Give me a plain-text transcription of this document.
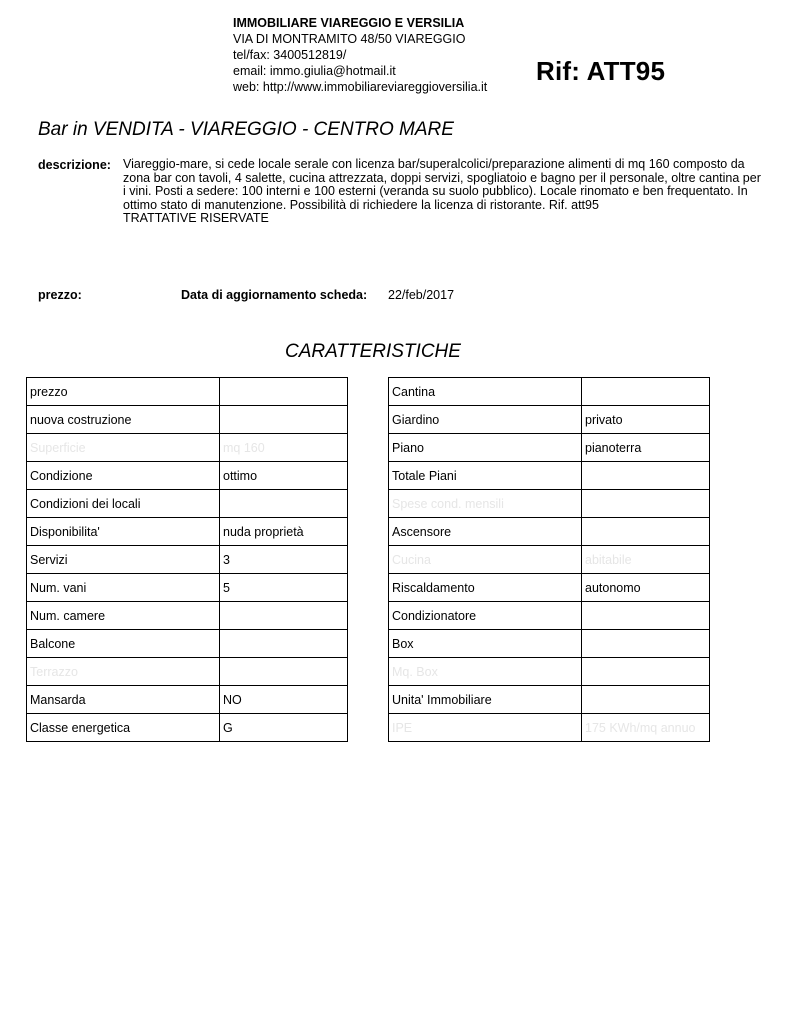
IMMOBILIARE VIAREGGIO E VERSILIA
VIA DI MONTRAMITO 48/50 VIAREGGIO
tel/fax: 3400512819/
email: immo.giulia@hotmail.it
web: http://www.immobiliareviareggioversilia.it
Rif: ATT95
Bar in VENDITA - VIAREGGIO - CENTRO MARE
descrizione: Viareggio-mare, si cede locale serale con licenza bar/superalcolici/preparazione alimenti di mq 160 composto da zona bar con tavoli, 4 salette, cucina attrezzata, doppi servizi, spogliatoio e bagno per il personale, oltre cantina per i vini. Posti a sedere: 100 interni e 100 esterni (veranda su suolo pubblico). Locale rinomato e ben frequentato. In ottimo stato di manutenzione. Possibilità di richiedere la licenza di ristorante. Rif. att95
TRATTATIVE RISERVATE
prezzo:	Data di aggiornamento scheda: 22/feb/2017
CARATTERISTICHE
prezzo	
nuova costruzione	
Superficie	mq 160
Condizione	ottimo
Condizioni dei locali	
Disponibilita'	nuda proprietà
Servizi	3
Num. vani	5
Num. camere	
Balcone	
Terrazzo	
Mansarda	NO
Classe energetica	G
Cantina	
Giardino	privato
Piano	pianoterra
Totale Piani	
Spese cond. mensili	
Ascensore	
Cucina	abitabile
Riscaldamento	autonomo
Condizionatore	
Box	
Mq. Box	
Unita' Immobiliare	
IPE	175 KWh/mq annuo
